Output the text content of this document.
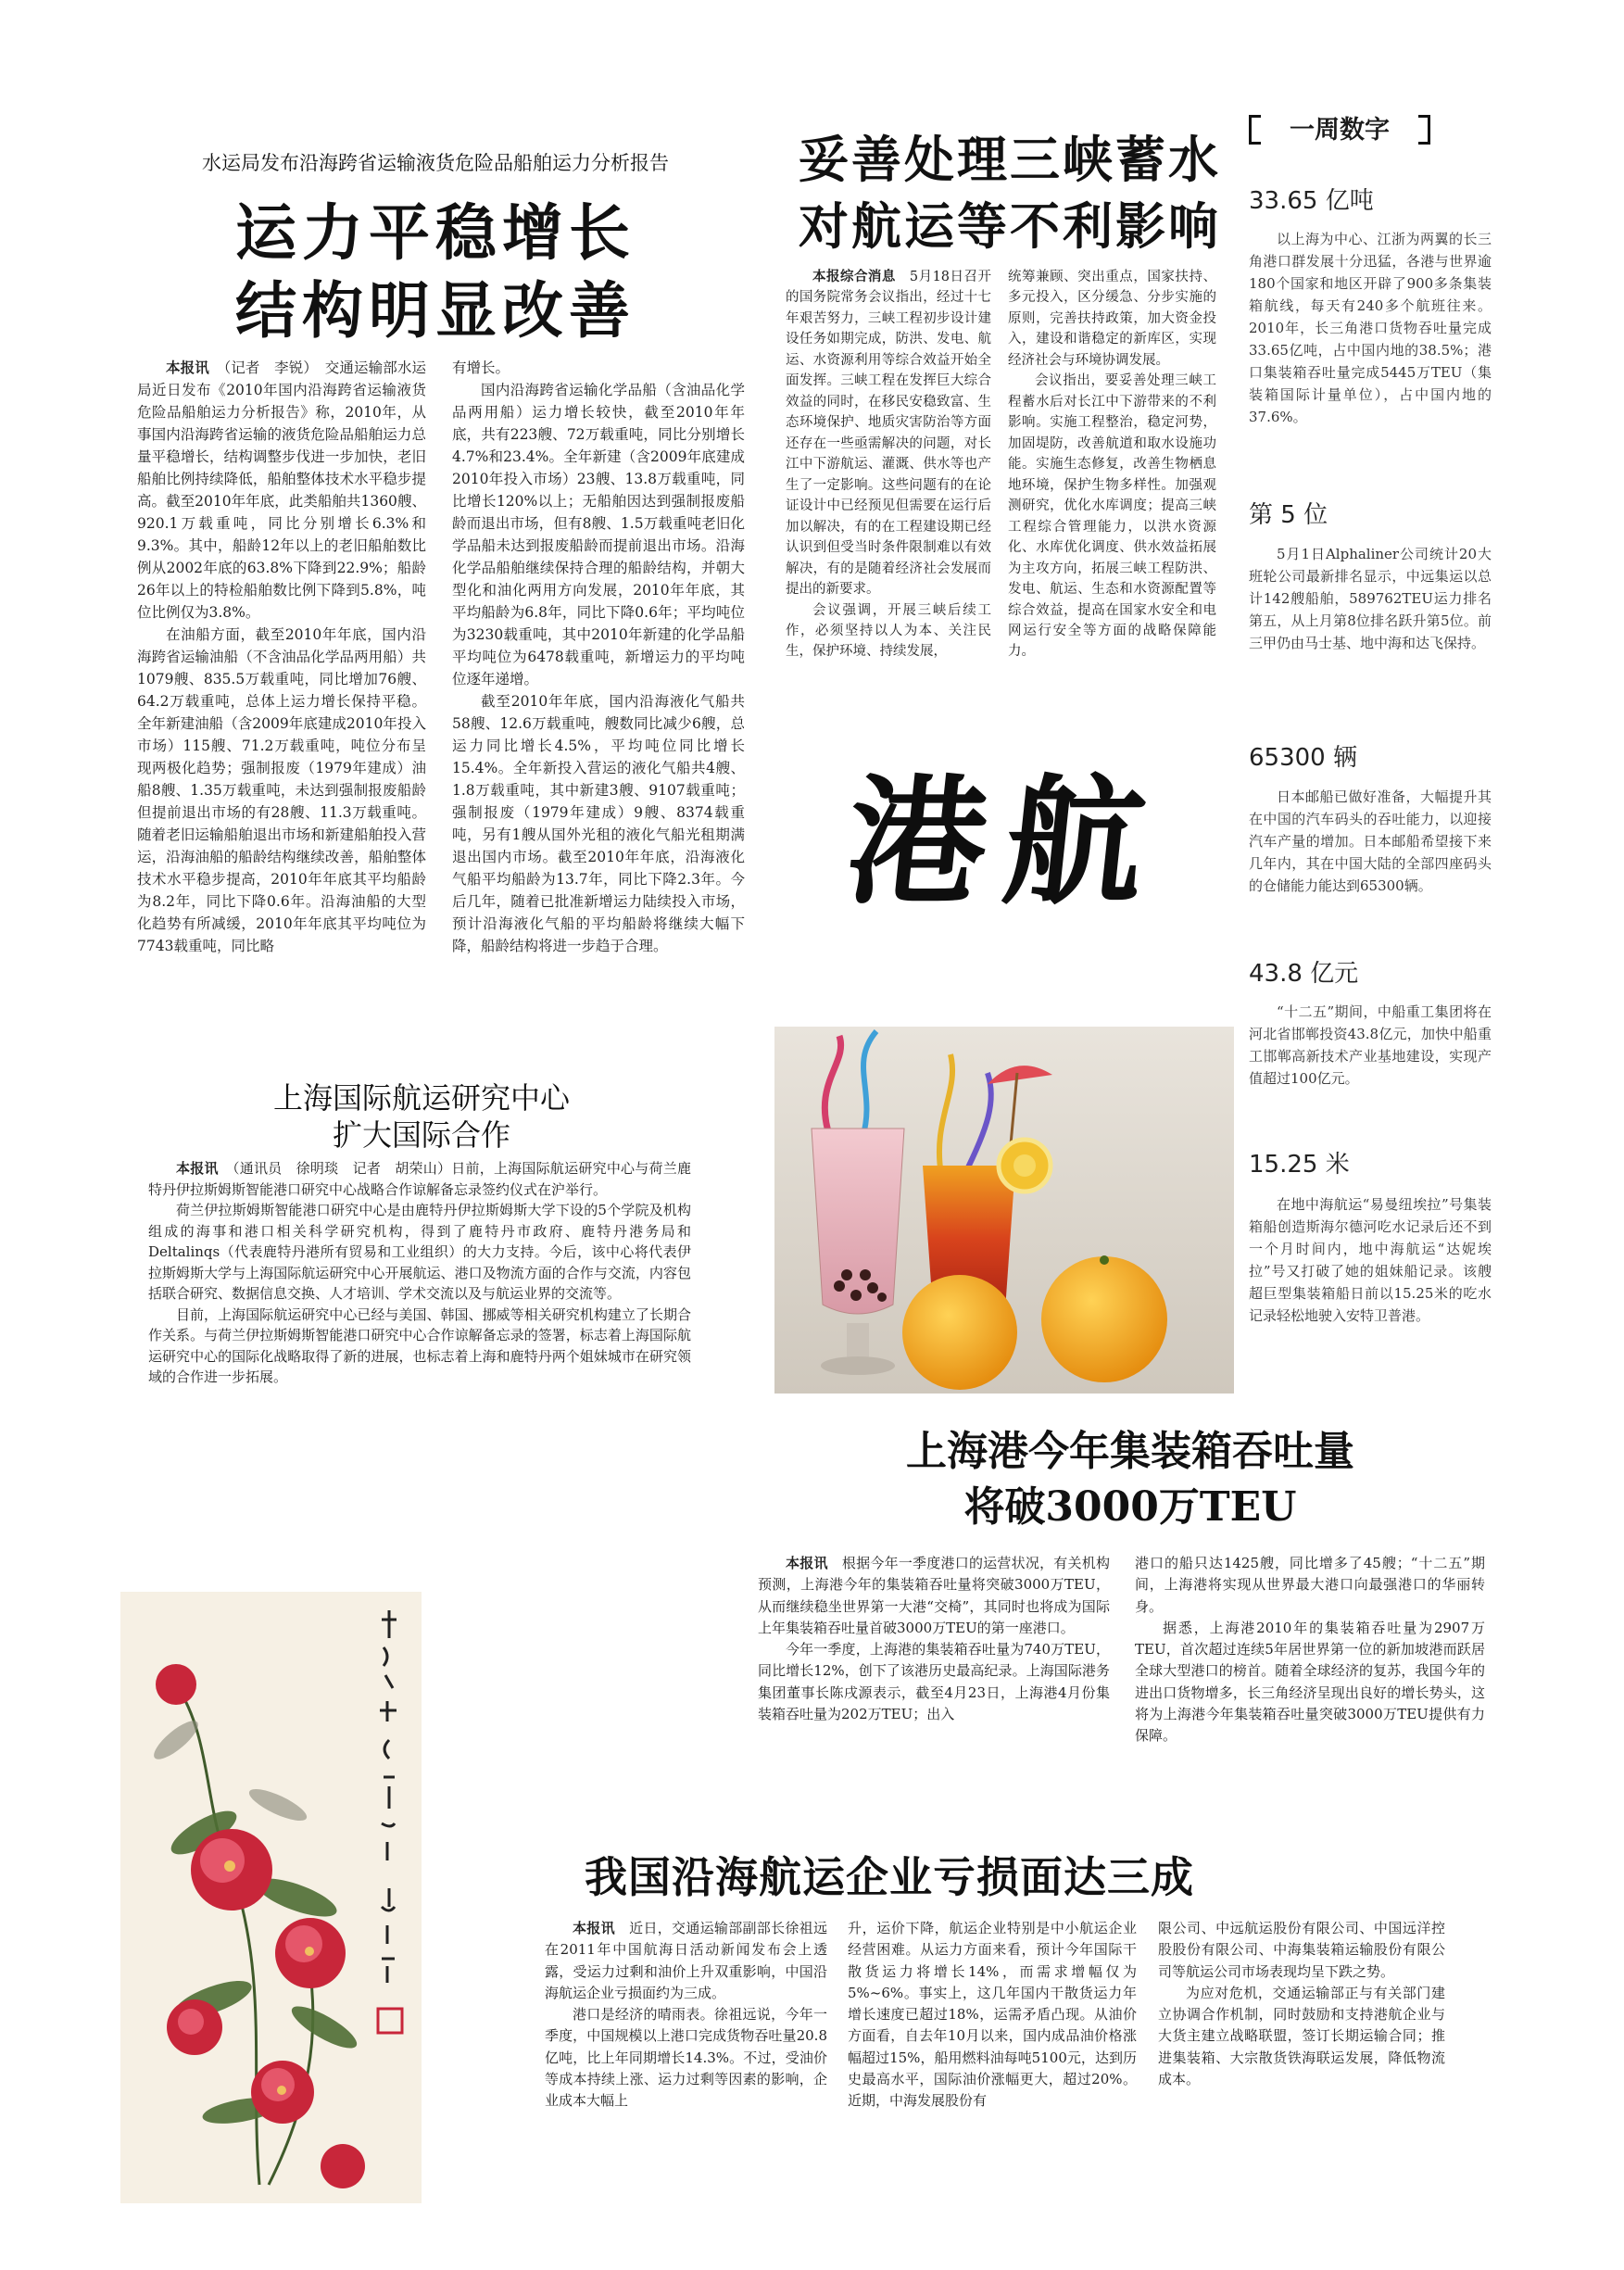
水运局发布沿海跨省运输液货危险品船舶运力分析报告
运力平稳增长
结构明显改善

本报讯　 （记者　李锐）　 交通运输部水运局近日发布《2010年国内沿海跨省运输液货危险品船舶运力分析报告》称，2010年，从事国内沿海跨省运输的液货危险品船舶运力总量平稳增长，结构调整步伐进一步加快，老旧船舶比例持续降低，船舶整体技术水平稳步提高。截至2010年年底，此类船舶共1360艘、920.1万载重吨，同比分别增长6.3%和9.3%。其中，船龄12年以上的老旧船舶数比例从2002年底的63.8%下降到22.9%；船龄26年以上的特检船舶数比例下降到5.8%，吨位比例仅为3.8%。

在油船方面，截至2010年年底，国内沿海跨省运输油船（不含油品化学品两用船）共1079艘、835.5万载重吨，同比增加76艘、64.2万载重吨，总体上运力增长保持平稳。全年新建油船（含2009年底建成2010年投入市场）115艘、71.2万载重吨，吨位分布呈现两极化趋势；强制报废（1979年建成）油船8艘、1.35万载重吨，未达到强制报废船龄但提前退出市场的有28艘、11.3万载重吨。随着老旧运输船舶退出市场和新建船舶投入营运，沿海油船的船龄结构继续改善，船舶整体技术水平稳步提高，2010年年底其平均船龄为8.2年，同比下降0.6年。沿海油船的大型化趋势有所减缓，2010年年底其平均吨位为7743载重吨，同比略

有增长。

国内沿海跨省运输化学品船（含油品化学品两用船）运力增长较快，截至2010年年底，共有223艘、72万载重吨，同比分别增长4.7%和23.4%。全年新建（含2009年底建成2010年投入市场）23艘、13.8万载重吨，同比增长120%以上；无船舶因达到强制报废船龄而退出市场，但有8艘、1.5万载重吨老旧化学品船未达到报废船龄而提前退出市场。沿海化学品船舶继续保持合理的船龄结构，并朝大型化和油化两用方向发展，2010年年底，其平均船龄为6.8年，同比下降0.6年；平均吨位为3230载重吨，其中2010年新建的化学品船平均吨位为6478载重吨，新增运力的平均吨位逐年递增。

截至2010年年底，国内沿海液化气船共58艘、12.6万载重吨，艘数同比减少6艘，总运力同比增长4.5%，平均吨位同比增长15.4%。全年新投入营运的液化气船共4艘、1.8万载重吨，其中新建3艘、9107载重吨；强制报废（1979年建成）9艘、8374载重吨，另有1艘从国外光租的液化气船光租期满退出国内市场。截至2010年年底，沿海液化气船平均船龄为13.7年，同比下降2.3年。今后几年，随着已批准新增运力陆续投入市场，预计沿海液化气船的平均船龄将继续大幅下降，船龄结构将进一步趋于合理。

妥善处理三峡蓄水
对航运等不利影响

本报综合消息　 5月18日召开的国务院常务会议指出，经过十七年艰苦努力，三峡工程初步设计建设任务如期完成，防洪、发电、航运、水资源利用等综合效益开始全面发挥。三峡工程在发挥巨大综合效益的同时，在移民安稳致富、生态环境保护、地质灾害防治等方面还存在一些亟需解决的问题，对长江中下游航运、灌溉、供水等也产生了一定影响。这些问题有的在论证设计中已经预见但需要在运行后加以解决，有的在工程建设期已经认识到但受当时条件限制难以有效解决，有的是随着经济社会发展而提出的新要求。

会议强调，开展三峡后续工作，必须坚持以人为本、关注民生，保护环境、持续发展，

统筹兼顾、突出重点，国家扶持、多元投入，区分缓急、分步实施的原则，完善扶持政策，加大资金投入，建设和谐稳定的新库区，实现经济社会与环境协调发展。

会议指出，要妥善处理三峡工程蓄水后对长江中下游带来的不利影响。实施工程整治，稳定河势，加固堤防，改善航道和取水设施功能。实施生态修复，改善生物栖息地环境，保护生物多样性。加强观测研究，优化水库调度；提高三峡工程综合管理能力，以洪水资源化、水库优化调度、供水效益拓展为主攻方向，拓展三峡工程防洪、发电、航运、生态和水资源配置等综合效益，提高在国家水安全和电网运行安全等方面的战略保障能力。

港航
一周数字
33.65 亿吨

以上海为中心、江浙为两翼的长三角港口群发展十分迅猛，各港与世界逾180个国家和地区开辟了900多条集装箱航线，每天有240多个航班往来。2010年，长三角港口货物吞吐量完成33.65亿吨，占中国内地的38.5%；港口集装箱吞吐量完成5445万TEU（集装箱国际计量单位），占中国内地的37.6%。

第 5 位

5月1日Alphaliner公司统计20大班轮公司最新排名显示，中远集运以总计142艘船舶，589762TEU运力排名第五，从上月第8位排名跃升第5位。前三甲仍由马士基、地中海和达飞保持。

65300 辆

日本邮船已做好准备，大幅提升其在中国的汽车码头的吞吐能力，以迎接汽车产量的增加。日本邮船希望接下来几年内，其在中国大陆的全部四座码头的仓储能力能达到65300辆。

43.8 亿元

“十二五”期间，中船重工集团将在河北省邯郸投资43.8亿元，加快中船重工邯郸高新技术产业基地建设，实现产值超过100亿元。

15.25 米

在地中海航运“易曼纽埃拉”号集装箱船创造斯海尔德河吃水记录后还不到一个月时间内，地中海航运“达妮埃拉”号又打破了她的姐妹船记录。该艘超巨型集装箱船日前以15.25米的吃水记录轻松地驶入安特卫普港。

上海国际航运研究中心
扩大国际合作

本报讯　 （通讯员　徐明琰　记者　胡荣山）日前，上海国际航运研究中心与荷兰鹿特丹伊拉斯姆斯智能港口研究中心战略合作谅解备忘录签约仪式在沪举行。

荷兰伊拉斯姆斯智能港口研究中心是由鹿特丹伊拉斯姆斯大学下设的5个学院及机构组成的海事和港口相关科学研究机构，得到了鹿特丹市政府、鹿特丹港务局和Deltalinqs（代表鹿特丹港所有贸易和工业组织）的大力支持。今后，该中心将代表伊拉斯姆斯大学与上海国际航运研究中心开展航运、港口及物流方面的合作与交流，内容包括联合研究、数据信息交换、人才培训、学术交流以及与航运业界的交流等。

目前，上海国际航运研究中心已经与美国、韩国、挪威等相关研究机构建立了长期合作关系。与荷兰伊拉斯姆斯智能港口研究中心合作谅解备忘录的签署，标志着上海国际航运研究中心的国际化战略取得了新的进展，也标志着上海和鹿特丹两个姐妹城市在研究领域的合作进一步拓展。

上海港今年集装箱吞吐量
将破3000万TEU

本报讯　 根据今年一季度港口的运营状况，有关机构预测，上海港今年的集装箱吞吐量将突破3000万TEU，从而继续稳坐世界第一大港“交椅”，其同时也将成为国际上年集装箱吞吐量首破3000万TEU的第一座港口。

今年一季度，上海港的集装箱吞吐量为740万TEU，同比增长12%，创下了该港历史最高纪录。上海国际港务集团董事长陈戌源表示，截至4月23日，上海港4月份集装箱吞吐量为202万TEU；出入

港口的船只达1425艘，同比增多了45艘；“十二五”期间，上海港将实现从世界最大港口向最强港口的华丽转身。

据悉，上海港2010年的集装箱吞吐量为2907万TEU，首次超过连续5年居世界第一位的新加坡港而跃居全球大型港口的榜首。随着全球经济的复苏，我国今年的进出口货物增多，长三角经济呈现出良好的增长势头，这将为上海港今年集装箱吞吐量突破3000万TEU提供有力保障。

我国沿海航运企业亏损面达三成

本报讯　 近日，交通运输部副部长徐祖远在2011年中国航海日活动新闻发布会上透露，受运力过剩和油价上升双重影响，中国沿海航运企业亏损面约为三成。

港口是经济的晴雨表。徐祖远说，今年一季度，中国规模以上港口完成货物吞吐量20.8亿吨，比上年同期增长14.3%。不过，受油价等成本持续上涨、运力过剩等因素的影响，企业成本大幅上

升，运价下降，航运企业特别是中小航运企业经营困难。从运力方面来看，预计今年国际干散货运力将增长14%，而需求增幅仅为5%~6%。事实上，这几年国内干散货运力年增长速度已超过18%，运需矛盾凸现。从油价方面看，自去年10月以来，国内成品油价格涨幅超过15%，船用燃料油每吨5100元，达到历史最高水平，国际油价涨幅更大，超过20%。近期，中海发展股份有

限公司、中远航运股份有限公司、中国远洋控股股份有限公司、中海集装箱运输股份有限公司等航运公司市场表现均呈下跌之势。

为应对危机，交通运输部正与有关部门建立协调合作机制，同时鼓励和支持港航企业与大货主建立战略联盟，签订长期运输合同；推进集装箱、大宗散货铁海联运发展，降低物流成本。
